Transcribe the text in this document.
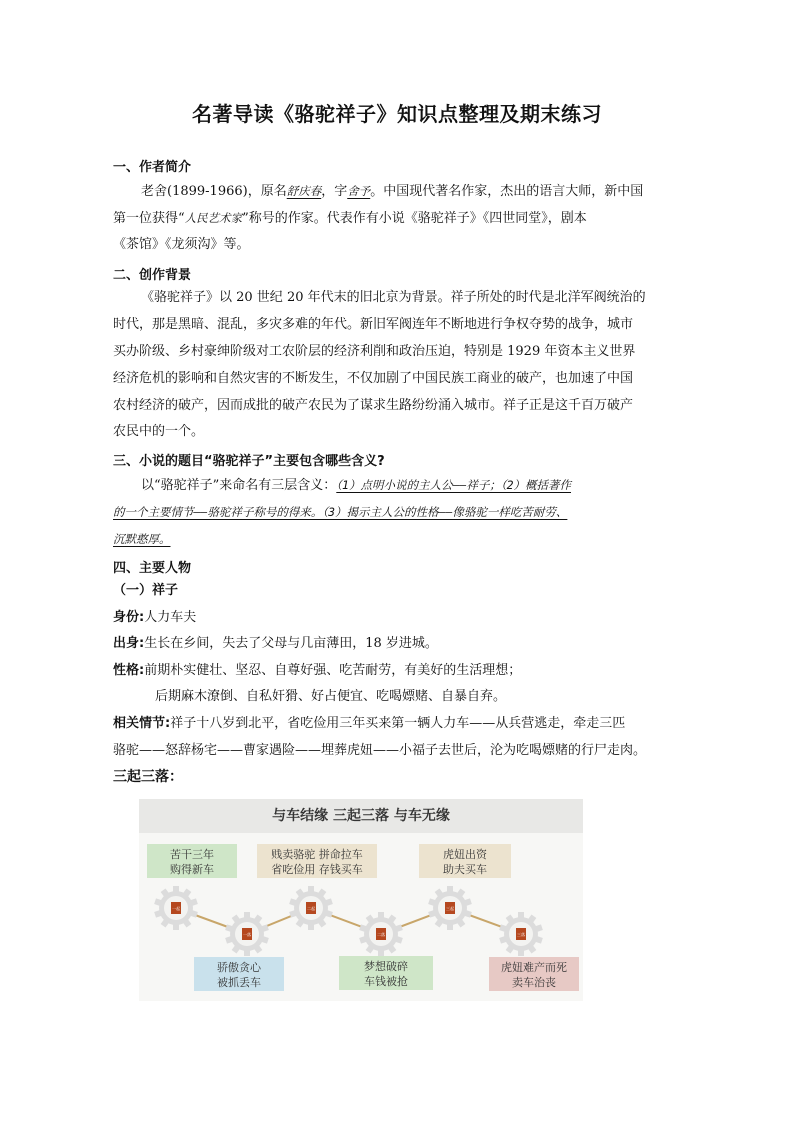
名著导读《骆驼祥子》知识点整理及期末练习
一、作者简介
老舍(1899-1966)，原名舒庆春，字舍予。中国现代著名作家，杰出的语言大师，新中国
第一位获得“人民艺术家”称号的作家。代表作有小说《骆驼祥子》《四世同堂》，剧本
《茶馆》《龙须沟》等。
二、创作背景
《骆驼祥子》以 20 世纪 20 年代末的旧北京为背景。祥子所处的时代是北洋军阀统治的
时代，那是黑暗、混乱，多灾多难的年代。新旧军阀连年不断地进行争权夺势的战争，城市
买办阶级、乡村豪绅阶级对工农阶层的经济利削和政治压迫，特别是 1929 年资本主义世界
经济危机的影响和自然灾害的不断发生，不仅加剧了中国民族工商业的破产，也加速了中国
农村经济的破产，因而成批的破产农民为了谋求生路纷纷涌入城市。祥子正是这千百万破产
农民中的一个。
三、小说的题目“骆驼祥子”主要包含哪些含义?
以“骆驼祥子”来命名有三层含义：（1）点明小说的主人公——祥子；（2）概括著作
的一个主要情节——骆驼祥子称号的得来。（3）揭示主人公的性格——像骆驼一样吃苦耐劳、
沉默憨厚。
四、主要人物
（一）祥子
身份:人力车夫
出身:生长在乡间，失去了父母与几亩薄田，18 岁进城。
性格:前期朴实健壮、坚忍、自尊好强、吃苦耐劳，有美好的生活理想；
后期麻木潦倒、自私奸猾、好占便宜、吃喝嫖赌、自暴自弃。
相关情节:祥子十八岁到北平，省吃俭用三年买来第一辆人力车——从兵营逃走，牵走三匹
骆驼——怒辞杨宅——曹家遇险——埋葬虎妞——小福子去世后，沦为吃喝嫖赌的行尸走肉。
三起三落：
与车结缘 三起三落 与车无缘
一起
一落
二起
二落
三起
三落
苦干三年
购得新车
贱卖骆驼 拼命拉车
省吃俭用 存钱买车
虎妞出资
助夫买车
骄傲贪心
被抓丢车
梦想破碎
车钱被抢
虎妞难产而死
卖车治丧
